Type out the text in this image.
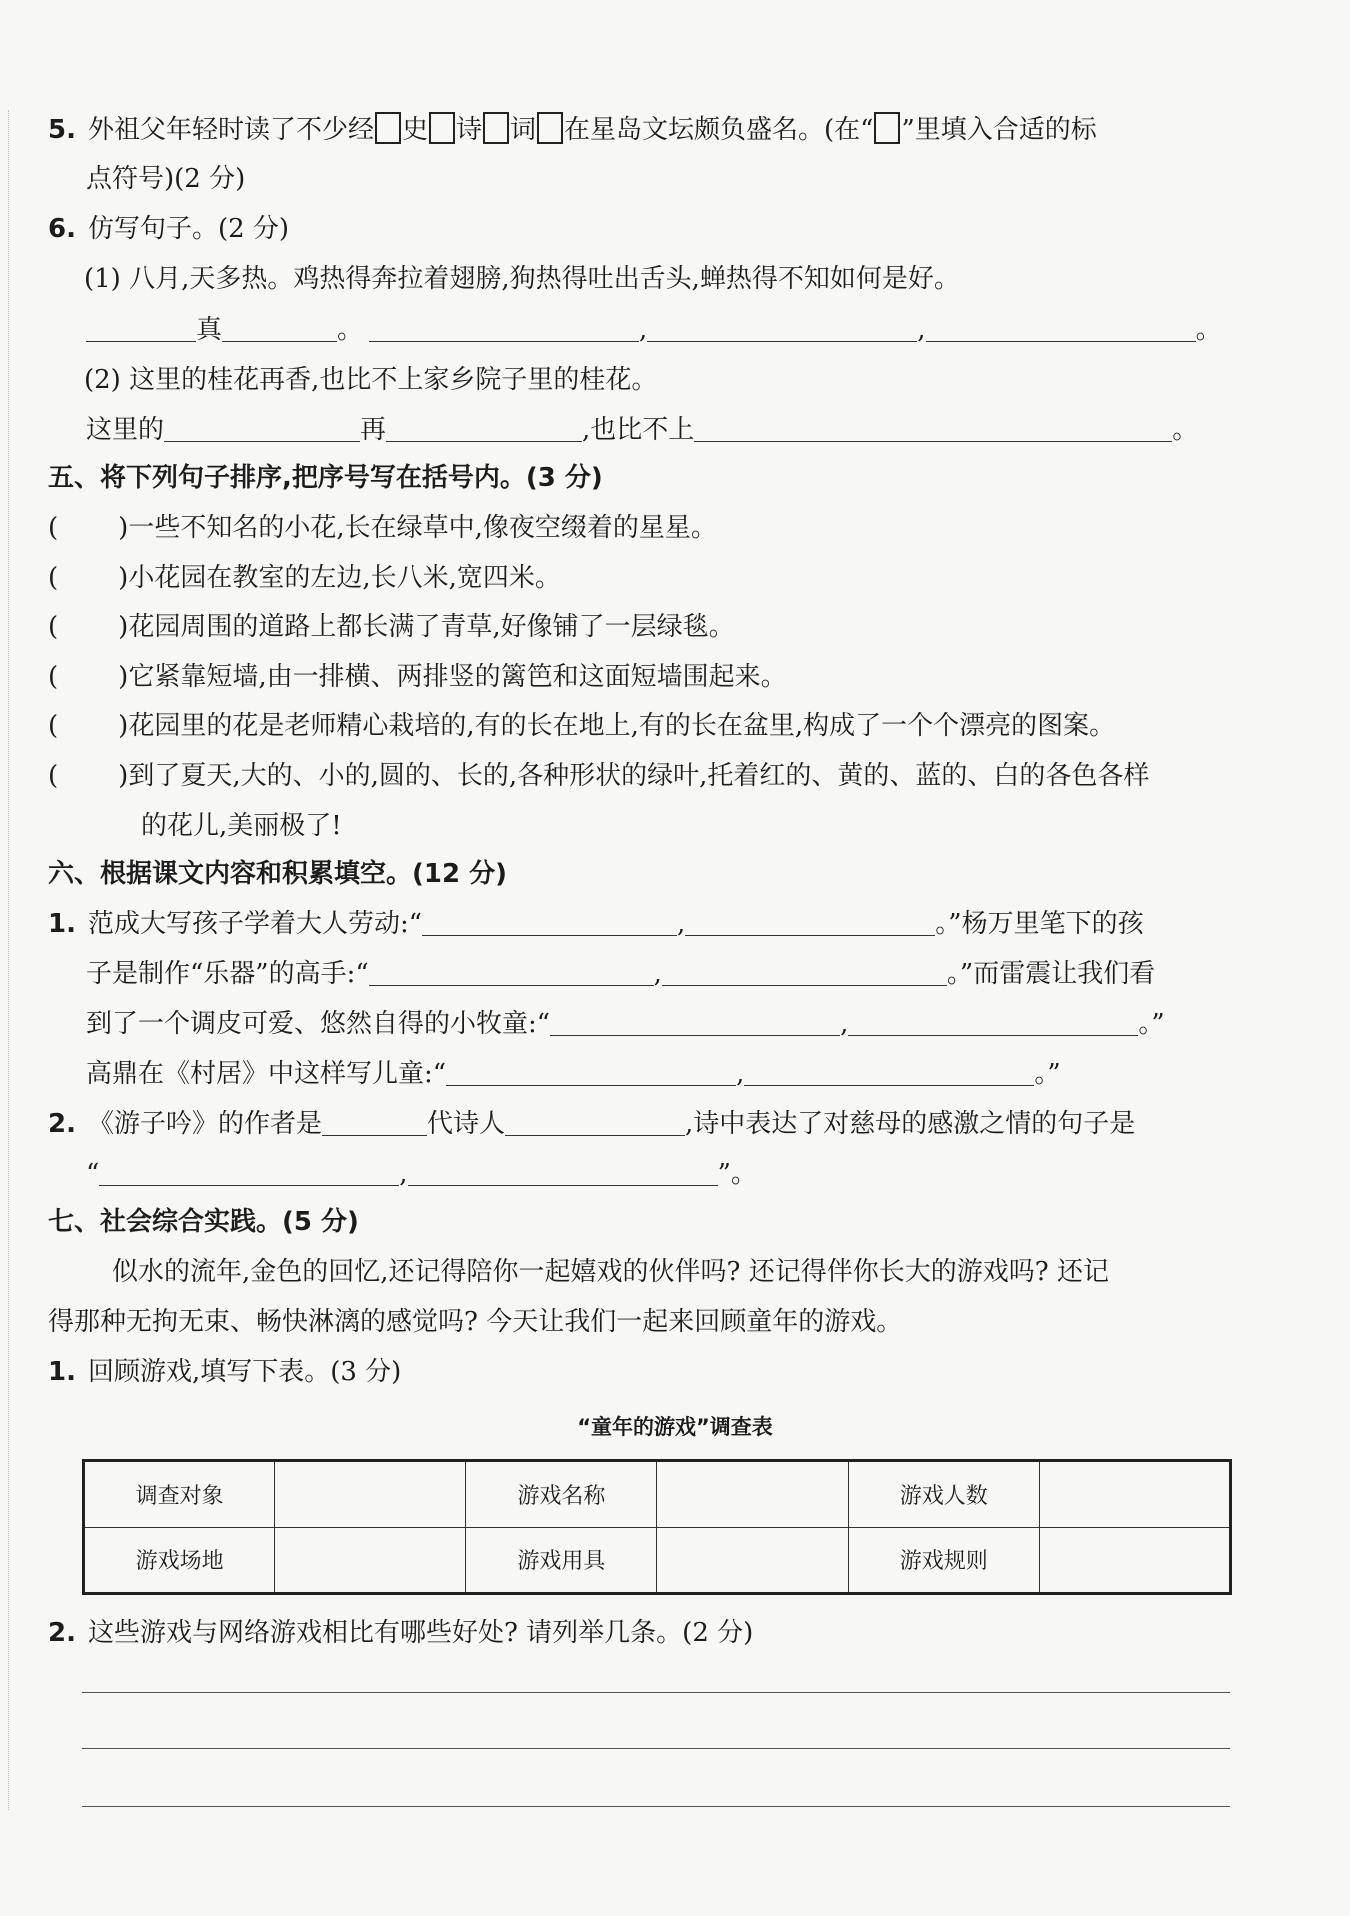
5. 外祖父年轻时读了不少经 史 诗 词 在星岛文坛颇负盛名。(在“ ”里填入合适的标
点符号)(2 分)
6. 仿写句子。(2 分)
(1) 八月,天多热。鸡热得奔拉着翅膀,狗热得吐出舌头,蝉热得不知如何是好。
真	。	,	,	。
(2) 这里的桂花再香,也比不上家乡院子里的桂花。
这里的	再	,也比不上	。
五、将下列句子排序,把序号写在括号内。(3 分)
( )一些不知名的小花,长在绿草中,像夜空缀着的星星。
( )小花园在教室的左边,长八米,宽四米。
( )花园周围的道路上都长满了青草,好像铺了一层绿毯。
( )它紧靠短墙,由一排横、两排竖的篱笆和这面短墙围起来。
( )花园里的花是老师精心栽培的,有的长在地上,有的长在盆里,构成了一个个漂亮的图案。
( )到了夏天,大的、小的,圆的、长的,各种形状的绿叶,托着红的、黄的、蓝的、白的各色各样
的花儿,美丽极了!
六、根据课文内容和积累填空。(12 分)
1. 范成大写孩子学着大人劳动:“	,	。”杨万里笔下的孩
子是制作“乐器”的高手:“	,	。”而雷震让我们看
到了一个调皮可爱、悠然自得的小牧童:“	,	。”
高鼎在《村居》中这样写儿童:“	,	。”
2. 《游子吟》的作者是	代诗人	,诗中表达了对慈母的感激之情的句子是
“	,	”。
七、社会综合实践。(5 分)
似水的流年,金色的回忆,还记得陪你一起嬉戏的伙伴吗? 还记得伴你长大的游戏吗? 还记
得那种无拘无束、畅快淋漓的感觉吗? 今天让我们一起来回顾童年的游戏。
1. 回顾游戏,填写下表。(3 分)
“童年的游戏”调查表
调查对象		游戏名称		游戏人数	
游戏场地		游戏用具		游戏规则	
2. 这些游戏与网络游戏相比有哪些好处? 请列举几条。(2 分)
